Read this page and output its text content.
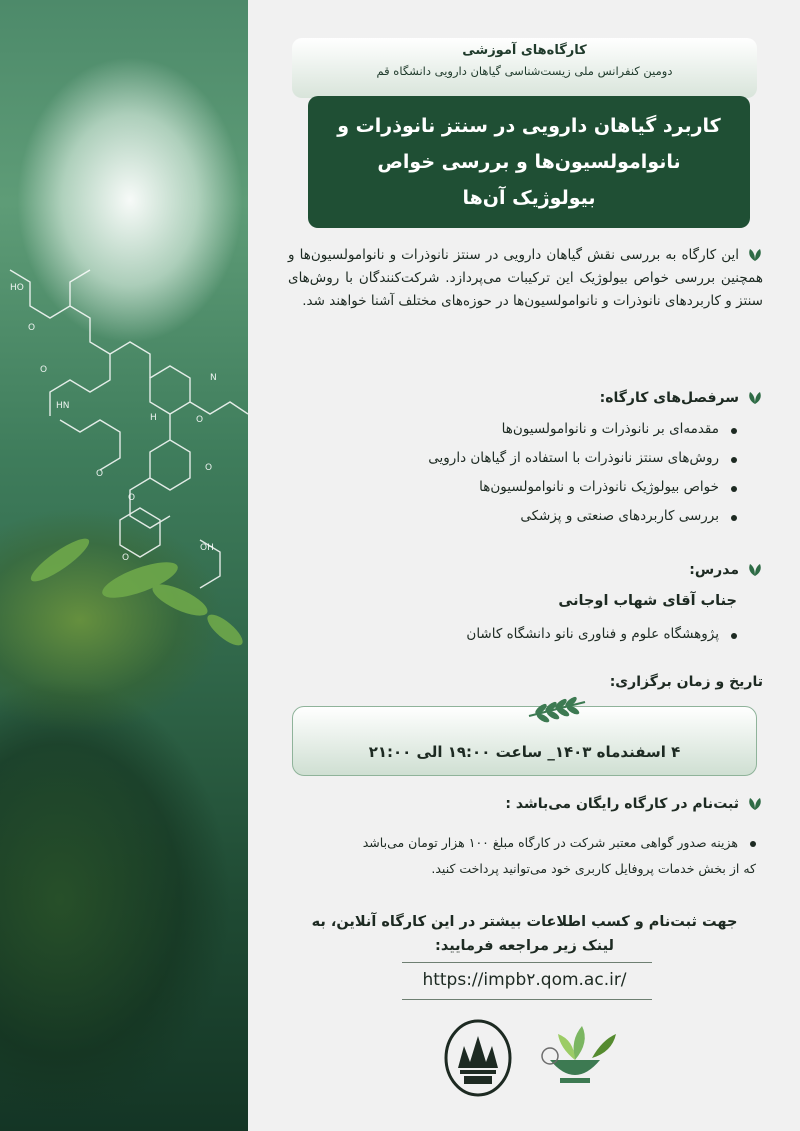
O
O
HN
H	O
O
O
O
OH
HO
N
O
کارگاه‌های آموزشی
دومین کنفرانس ملی زیست‌شناسی گیاهان دارویی دانشگاه قم
کاربرد گیاهان دارویی در سنتز نانوذرات و
نانوامولسیون‌ها و بررسی خواص
بیولوژیک آن‌ها
این کارگاه به بررسی نقش گیاهان دارویی در سنتز نانوذرات و نانوامولسیون‌ها و همچنین بررسی خواص بیولوژیک این ترکیبات می‌پردازد. شرکت‌کنندگان با روش‌های سنتز و کاربردهای نانوذرات و نانوامولسیون‌ها در حوزه‌های مختلف آشنا خواهند شد.
سرفصل‌های کارگاه:
مقدمه‌ای بر نانوذرات و نانوامولسیون‌ها
روش‌های سنتز نانوذرات با استفاده از گیاهان دارویی
خواص بیولوژیک نانوذرات و نانوامولسیون‌ها
بررسی کاربردهای صنعتی و پزشکی
مدرس:
جناب آقای شهاب اوجانی
پژوهشگاه علوم و فناوری نانو دانشگاه کاشان
تاریخ و زمان برگزاری:
۴ اسفندماه ۱۴۰۳_ ساعت ۱۹:۰۰ الی ۲۱:۰۰
ثبت‌نام در کارگاه رایگان می‌باشد :
هزینه صدور گواهی معتبر شرکت در کارگاه مبلغ ۱۰۰ هزار تومان می‌باشد
که از بخش خدمات پروفایل کاربری خود می‌توانید پرداخت کنید.
جهت ثبت‌نام و کسب اطلاعات بیشتر در این کارگاه آنلاین، به
لینک زیر مراجعه فرمایید:
https://impb۲.qom.ac.ir/
